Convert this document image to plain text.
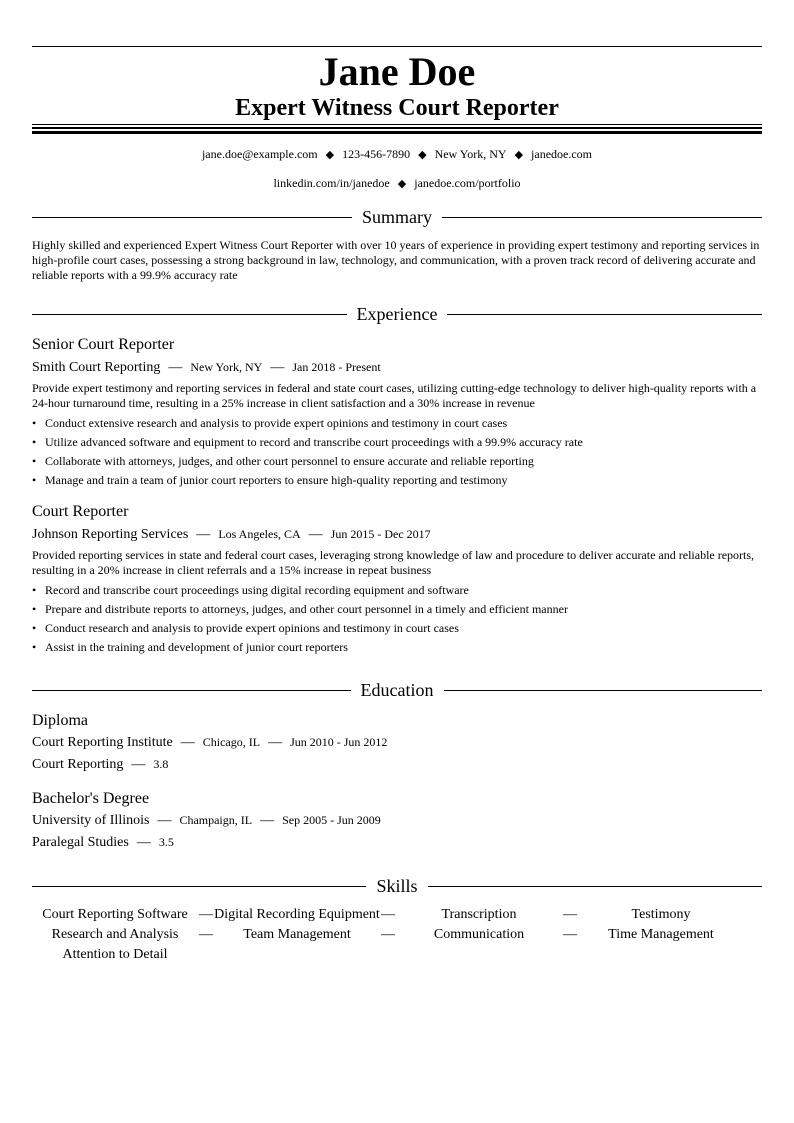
Jane Doe
Expert Witness Court Reporter
jane.doe@example.com ◆ 123-456-7890 ◆ New York, NY ◆ janedoe.com
linkedin.com/in/janedoe ◆ janedoe.com/portfolio
Summary
Highly skilled and experienced Expert Witness Court Reporter with over 10 years of experience in providing expert testimony and reporting services in high-profile court cases, possessing a strong background in law, technology, and communication, with a proven track record of delivering accurate and reliable reports with a 99.9% accuracy rate
Experience
Senior Court Reporter
Smith Court Reporting — New York, NY — Jan 2018 - Present
Provide expert testimony and reporting services in federal and state court cases, utilizing cutting-edge technology to deliver high-quality reports with a 24-hour turnaround time, resulting in a 25% increase in client satisfaction and a 30% increase in revenue
• Conduct extensive research and analysis to provide expert opinions and testimony in court cases
• Utilize advanced software and equipment to record and transcribe court proceedings with a 99.9% accuracy rate
• Collaborate with attorneys, judges, and other court personnel to ensure accurate and reliable reporting
• Manage and train a team of junior court reporters to ensure high-quality reporting and testimony
Court Reporter
Johnson Reporting Services — Los Angeles, CA — Jun 2015 - Dec 2017
Provided reporting services in state and federal court cases, leveraging strong knowledge of law and procedure to deliver accurate and reliable reports, resulting in a 20% increase in client referrals and a 15% increase in repeat business
• Record and transcribe court proceedings using digital recording equipment and software
• Prepare and distribute reports to attorneys, judges, and other court personnel in a timely and efficient manner
• Conduct research and analysis to provide expert opinions and testimony in court cases
• Assist in the training and development of junior court reporters
Education
Diploma
Court Reporting Institute — Chicago, IL — Jun 2010 - Jun 2012
Court Reporting — 3.8
Bachelor's Degree
University of Illinois — Champaign, IL — Sep 2005 - Jun 2009
Paralegal Studies — 3.5
Skills
Court Reporting Software — Digital Recording Equipment —	Transcription	—	Testimony
Research and Analysis	—	Team Management	—	Communication	—	Time Management
Attention to Detail
